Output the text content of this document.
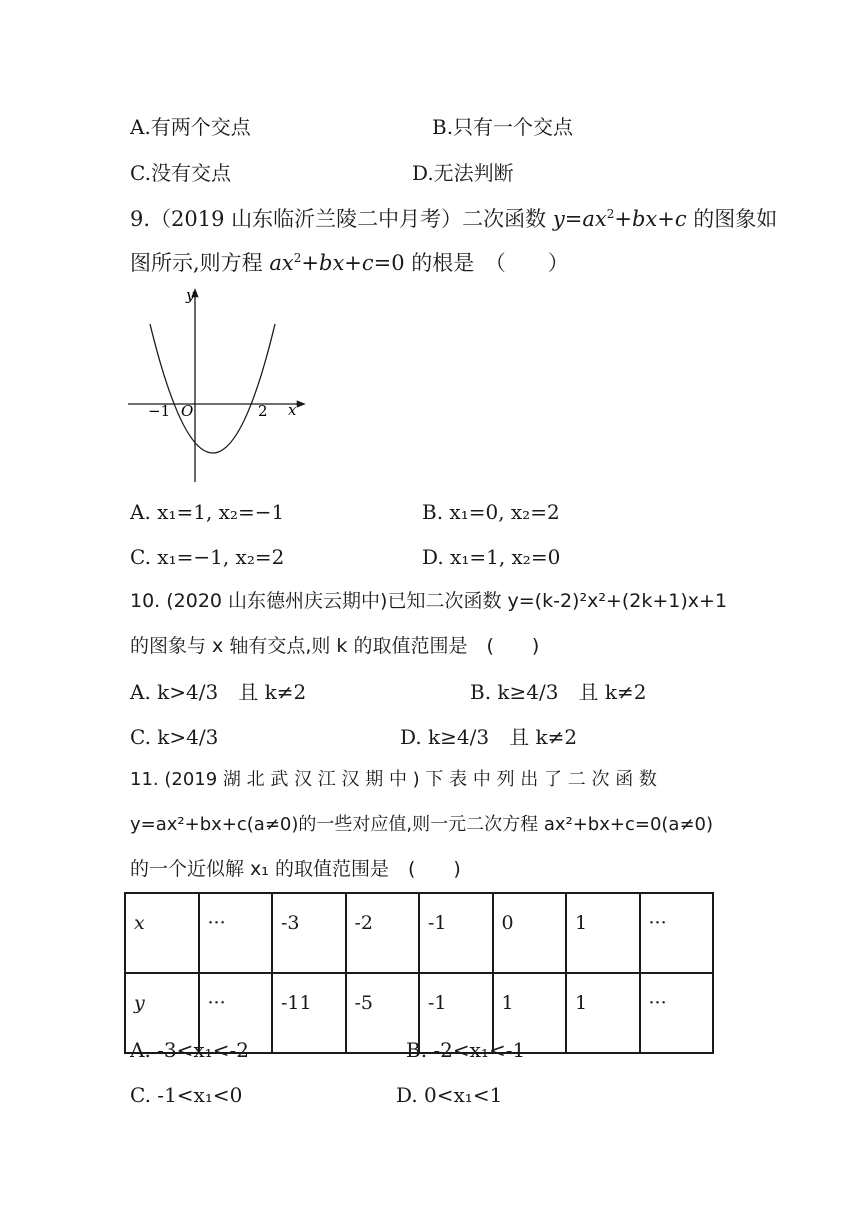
A.有两个交点	B.只有一个交点
C.没有交点	D.无法判断
9.（2019 山东临沂兰陵二中月考）二次函数 $y=ax^2+bx+c$ 的图象如
图所示,则方程 $ax^2+bx+c=0$ 的根是　（　　）
y
x
O
−1	2
A. x₁=1, x₂=−1	B. x₁=0, x₂=2
C. x₁=−1, x₂=2	D. x₁=1, x₂=0
10. (2020 山东德州庆云期中)已知二次函数 y=(k-2)²x²+(2k+1)x+1
的图象与 x 轴有交点,则 k 的取值范围是　(　　)
A. k>4/3　且 k≠2	B. k≥4/3　且 k≠2
C. k>4/3	D. k≥4/3　且 k≠2
11. (2019 湖 北 武 汉 江 汉 期 中 ) 下 表 中 列 出 了 二 次 函 数
y=ax²+bx+c(a≠0)的一些对应值,则一元二次方程 ax²+bx+c=0(a≠0)
的一个近似解 x₁ 的取值范围是　(　　)
x	···	-3	-2	-1	0	1	···
y	···	-11	-5	-1	1	1	···
A. -3<x₁<-2	B. -2<x₁<-1
C. -1<x₁<0	D. 0<x₁<1
